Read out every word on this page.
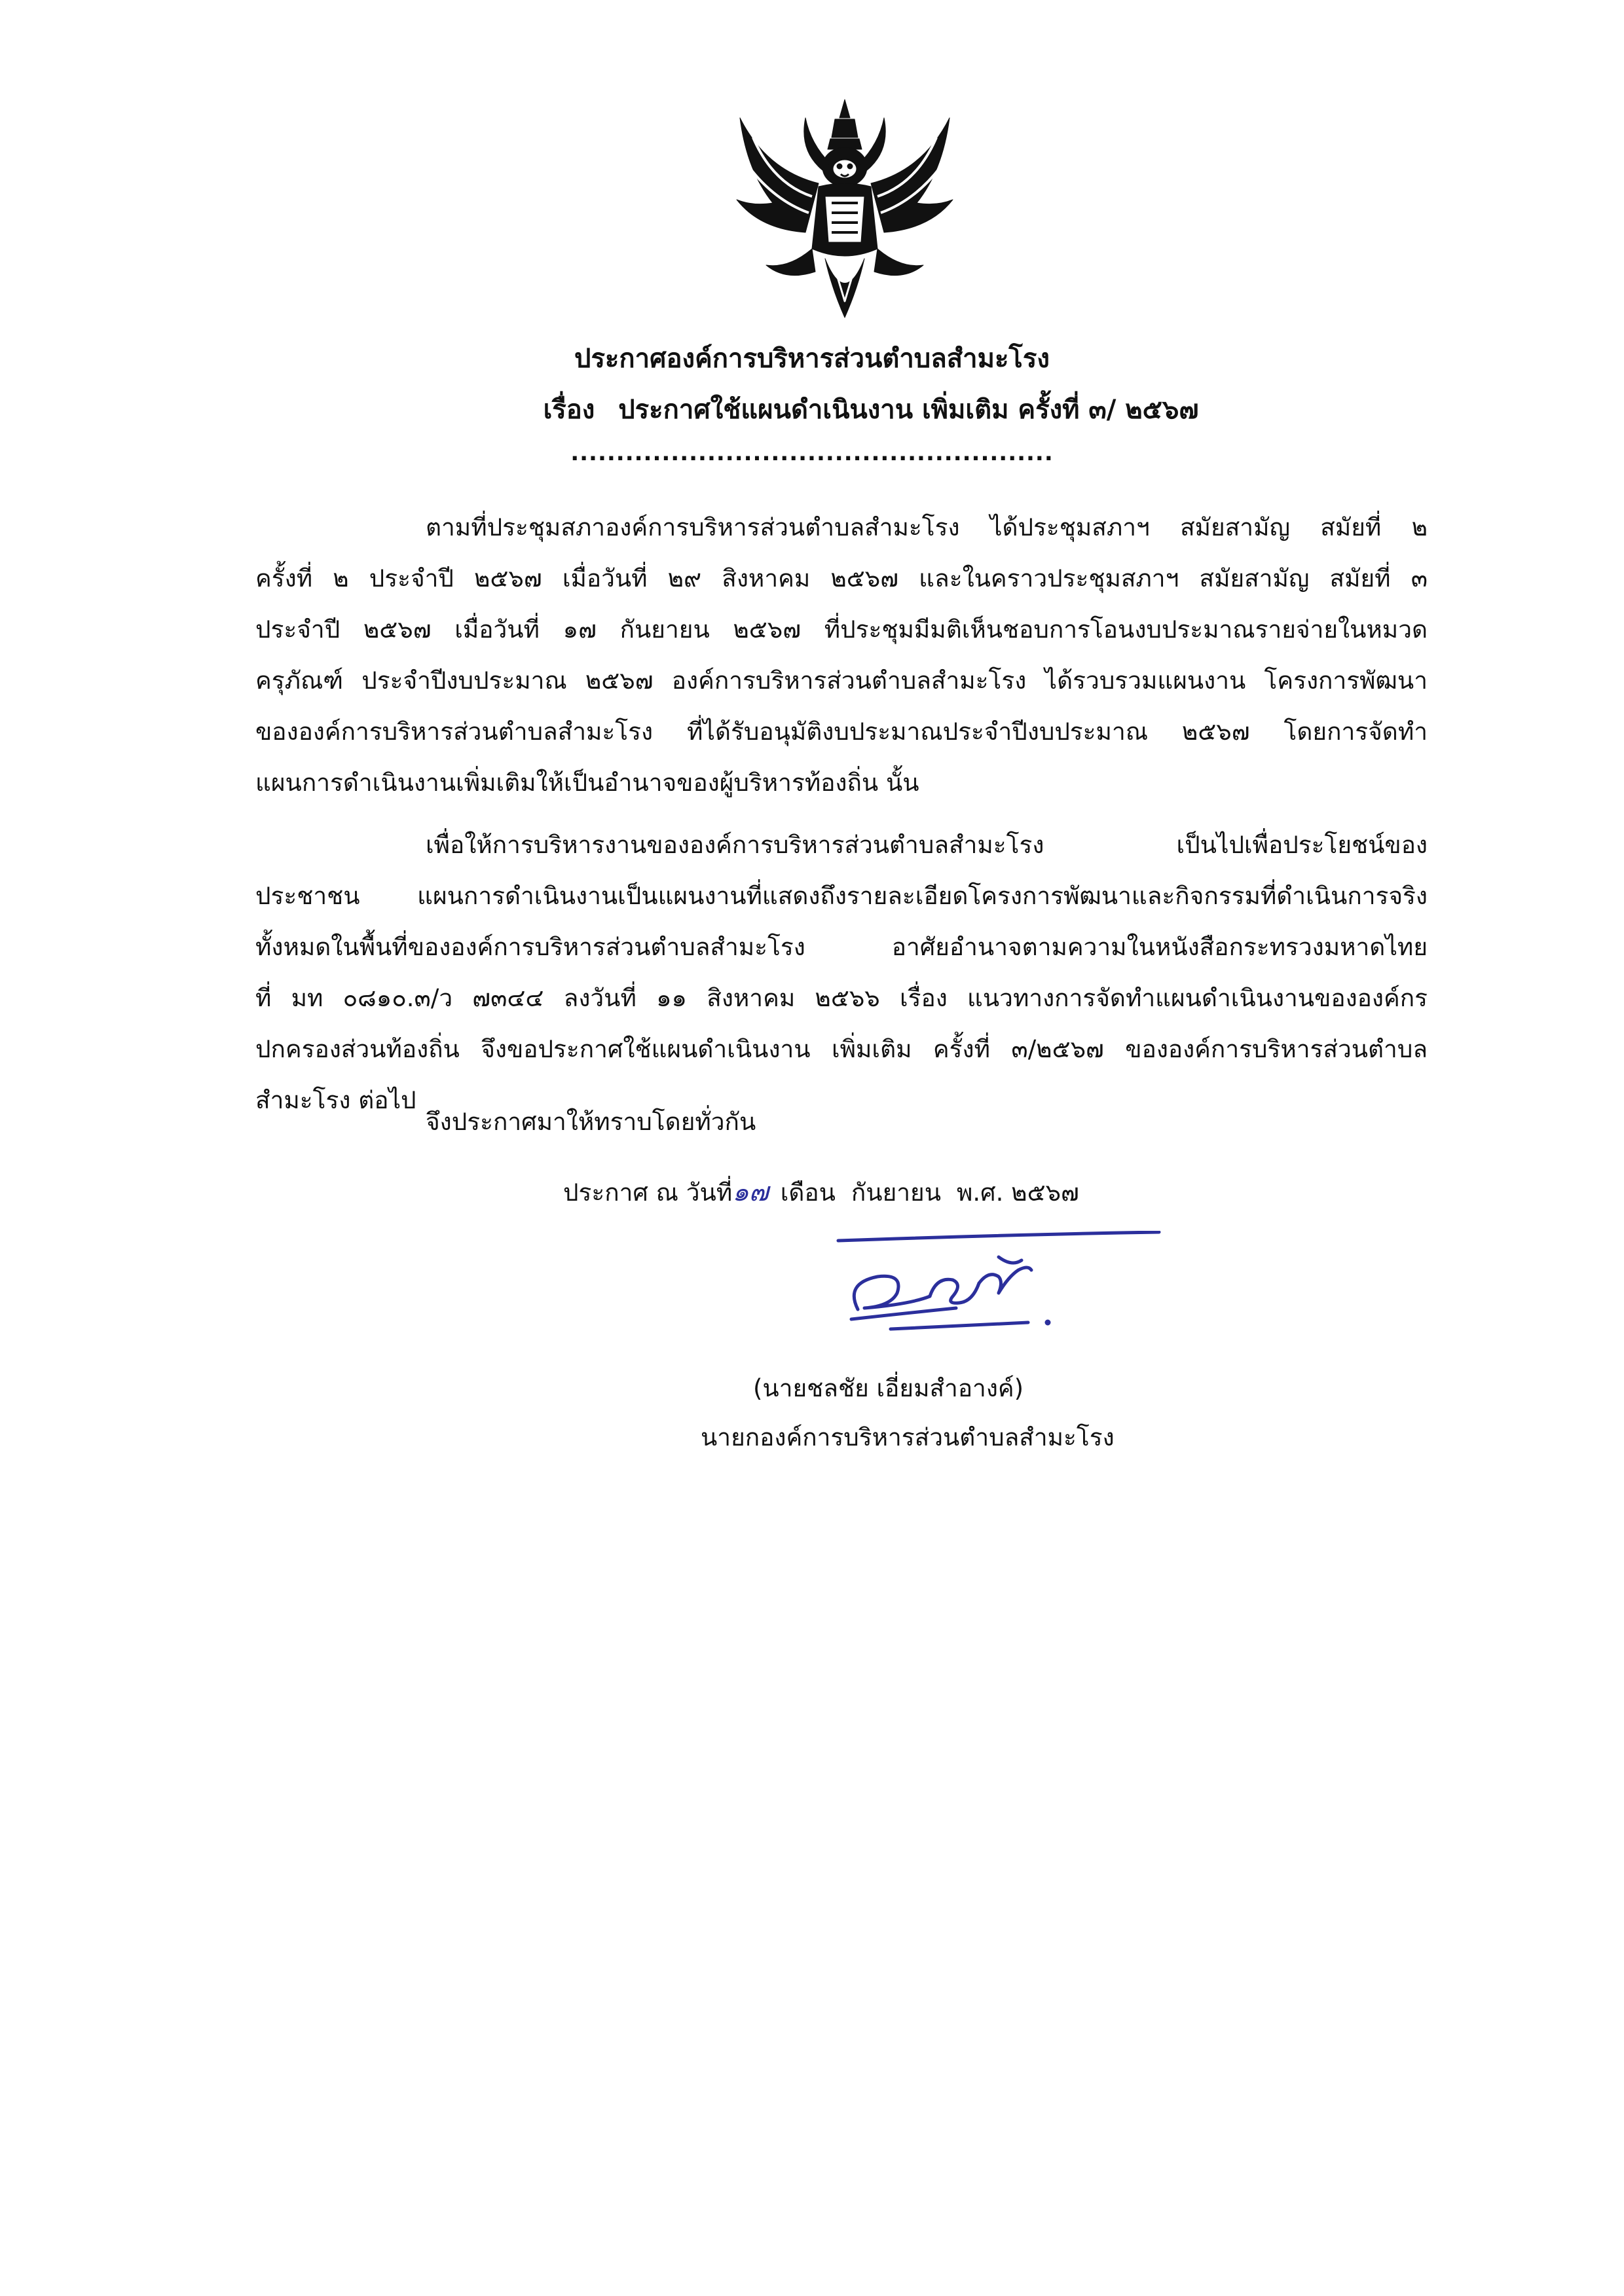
ประกาศองค์การบริหารส่วนตำบลสำมะโรง
เรื่อง ประกาศใช้แผนดำเนินงาน เพิ่มเติม ครั้งที่ ๓/ ๒๕๖๗
.....................................................
ตามที่ประชุมสภาองค์การบริหารส่วนตำบลสำมะโรง ได้ประชุมสภาฯ สมัยสามัญ สมัยที่ ๒
ครั้งที่ ๒ ประจำปี ๒๕๖๗ เมื่อวันที่ ๒๙ สิงหาคม ๒๕๖๗ และในคราวประชุมสภาฯ สมัยสามัญ สมัยที่ ๓
ประจำปี ๒๕๖๗ เมื่อวันที่ ๑๗ กันยายน ๒๕๖๗ ที่ประชุมมีมติเห็นชอบการโอนงบประมาณรายจ่ายในหมวด
ครุภัณฑ์ ประจำปีงบประมาณ ๒๕๖๗ องค์การบริหารส่วนตำบลสำมะโรง ได้รวบรวมแผนงาน โครงการพัฒนา
ขององค์การบริหารส่วนตำบลสำมะโรง ที่ได้รับอนุมัติงบประมาณประจำปีงบประมาณ ๒๕๖๗ โดยการจัดทำ
แผนการดำเนินงานเพิ่มเติมให้เป็นอำนาจของผู้บริหารท้องถิ่น นั้น
เพื่อให้การบริหารงานขององค์การบริหารส่วนตำบลสำมะโรง เป็นไปเพื่อประโยชน์ของ
ประชาชน แผนการดำเนินงานเป็นแผนงานที่แสดงถึงรายละเอียดโครงการพัฒนาและกิจกรรมที่ดำเนินการจริง
ทั้งหมดในพื้นที่ขององค์การบริหารส่วนตำบลสำมะโรง อาศัยอำนาจตามความในหนังสือกระทรวงมหาดไทย
ที่ มท ๐๘๑๐.๓/ว ๗๓๔๔ ลงวันที่ ๑๑ สิงหาคม ๒๕๖๖ เรื่อง แนวทางการจัดทำแผนดำเนินงานขององค์กร
ปกครองส่วนท้องถิ่น จึงขอประกาศใช้แผนดำเนินงาน เพิ่มเติม ครั้งที่ ๓/๒๕๖๗ ขององค์การบริหารส่วนตำบล
สำมะโรง ต่อไป
จึงประกาศมาให้ทราบโดยทั่วกัน
ประกาศ ณ วันที่๑๗ เดือน กันยายน พ.ศ. ๒๕๖๗
(นายชลชัย เอี่ยมสำอางค์)
นายกองค์การบริหารส่วนตำบลสำมะโรง
